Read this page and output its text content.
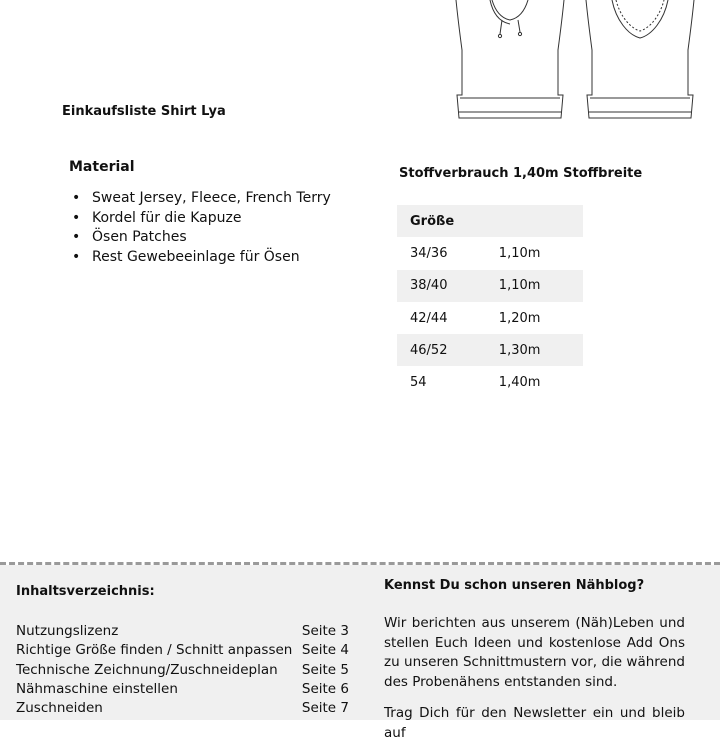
Einkaufsliste Shirt Lya
Material
• Sweat Jersey, Fleece, French Terry
• Kordel für die Kapuze
• Ösen Patches
• Rest Gewebeeinlage für Ösen
Stoffverbrauch 1,40m Stoffbreite
Größe	
34/36	1,10m
38/40	1,10m
42/44	1,20m
46/52	1,30m
54	1,40m
Inhaltsverzeichnis:
Nutzungslizenz	Seite 3
Richtige Größe finden / Schnitt anpassen Seite 4
Technische Zeichnung/Zuschneideplan Seite 5
Nähmaschine einstellen	Seite 6
Zuschneiden	Seite 7
Kennst Du schon unseren Nähblog?

Wir berichten aus unserem (Näh)Leben und stellen Euch Ideen und kostenlose Add Ons zu unseren Schnittmustern vor, die während des Probenähens entstanden sind.

Trag Dich für den Newsletter ein und bleib auf
